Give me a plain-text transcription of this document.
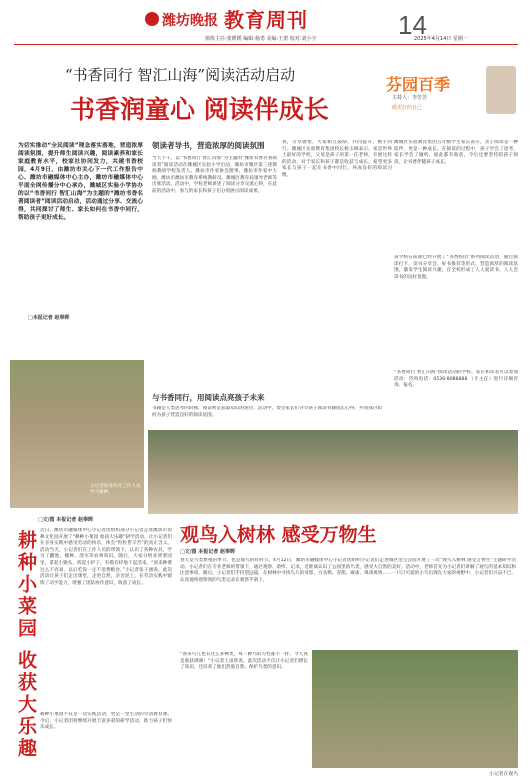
潍坊晚报 教育周刊	14
值班主任:张媛媛 编辑:杨勇 美编:王蕾 校对:刘小宇	2025年4月14日 星期一
“书香同行 智汇山海”阅读活动启动
书香润童心 阅读伴成长
芬园百季
主持人：李芳芳
做更好的自己
为切实推动“全民阅读”理念落实落地，营造浓厚阅读氛围，提升师生阅读兴趣，阅读素养和家长家庭教育水平，校家社协同发力，共建书香校园，4月9日，由潍坊市关心下一代工作报告中心、潍坊市融媒体中心主办，潍坊市融媒体中心平面全网传播分中心承办，潍城区实验小学协办的以“书香同行 智汇山海”为主题的“潍坊书香名著阅读者”阅读活动启动，活动通过分享、交流心得，共同探讨了师生、家长如何在书香中同行，帮助孩子更好成长。
□本报记者 赵奉晖
领读者导书，营造浓厚的阅读氛围
当天下午，以“书香同行 智汇山海”为主题的“潍坊书香名著阅读者”阅读活动在潍城区实验小学启动，潍坊市潍区第三述教师教研学校负责人、潍坊市作家协会理事、潍坊市作家中大刚，潍坊市潍坊市教育系统教研员、潍城区教育局领导老师等出席活动。活动中，学校老师讲述了阅读分享交流心得，在此前的活动中，参与的家长和孩子们分别展示阅读成果。
我，分享感悟，大家相互鼓励、共同提升，携手同行。潍城区实验教育集团校长杨玉梅表示，家是世界上最好的学校，父母是孩子的第一任老师，开展这样的活动，对于家长和孩子都是收获与成长，希望更多家长与孩子一起在书香中同行，养成良好的阅读习惯。
潍城区实验教育集团五年级学生家长表示，亲子阅读是一种陪伴，更是一种成长。在阅读的过程中，孩子学会了思考，家长学会了倾听，彼此都有收获，今后还要坚持陪孩子阅读，让书香伴随孩子成长。
该学校在前期已经开展了“书香校园”系列阅读活动，通过阅读打卡、读书分享会、好书推荐等形式，营造浓厚的阅读氛围，激发学生阅读兴趣，在全校形成了人人爱读书、人人会读书的良好氛围。
“书香同行 智汇山海”阅读活动的学校、家长和读者可以参加活动：咨询电话：0536-8088888 （专主任）进行详细咨询、报名。
与书香同行，用阅读点亮孩子未来
书籍是人类思考的阶梯，阅读则是获取知识的途径。活动中，参会家长们分享孩子阅读书籍成长心得，共同探讨如何为孩子营造良好的阅读氛围。
小记者现身作社工作人员学习耕种。
□文/图 本报记者 赵奉晖
耕种小菜园 收获大乐趣 近日，潍坊市融媒体中心小记者团组织部分小记者走进潍坊市农耕文化园开展了“耕种小菜园 收获大乐趣”研学活动，让小记者们在亲身实践中感受劳动的快乐，体会“粒粒皆辛苦”的真正含义。活动当天，小记者们在工作人员的带领下，认识了各种农具，学习了翻地、播种、浇水等农事知识。随后，大家分组来到菜园里，拿起小锄头，挥起小铲子，有模有样地干起活来。“原来种菜这么不容易，以后吃饭一定不浪费粮食。”小记者张子涵说。此次活动让孩子们走出课堂，走进自然，亲近泥土，在劳动实践中锻炼了动手能力，增强了团队协作意识，收获了成长。
耕种小菜园不仅是一次实践活动，更是一堂生动的劳动教育课。今后，小记者团将继续开展丰富多彩的研学活动，助力孩子们快乐成长。
观鸟入树林 感受万物生
□文/图 本报记者 赵奉晖
春天是鸟类繁殖的季节，也是观鸟的好时节。4月12日，潍坊市融媒体中心小记者团组织小记者们走进城区金宝公园开展了一次“观鸟入树林 感受万物生”主题研学活动。小记者们在专业老师的带领下，通过观察、聆听、记录，近距离认识了公园里的鸟类，感受大自然的美好。活动中，老师首先为小记者们讲解了观鸟的基本知识和注意事项，随后，小记者们手持望远镜，在树林中寻找鸟儿的身影，白头鹎、喜鹊、麻雀、珠颈斑鸠……一只只可爱的小鸟出现在大家的视野中，小记者们兴奋不已，认真地将观察到的鸟类记录在观察手册上。
“原来鸟儿也有这么多种类，每一种鸟的习性都不一样，今天真是收获满满！”小记者王雨欣说。此次活动不仅让小记者们增长了知识，还培养了他们热爱自然、保护鸟类的意识。
小记者在观鸟
